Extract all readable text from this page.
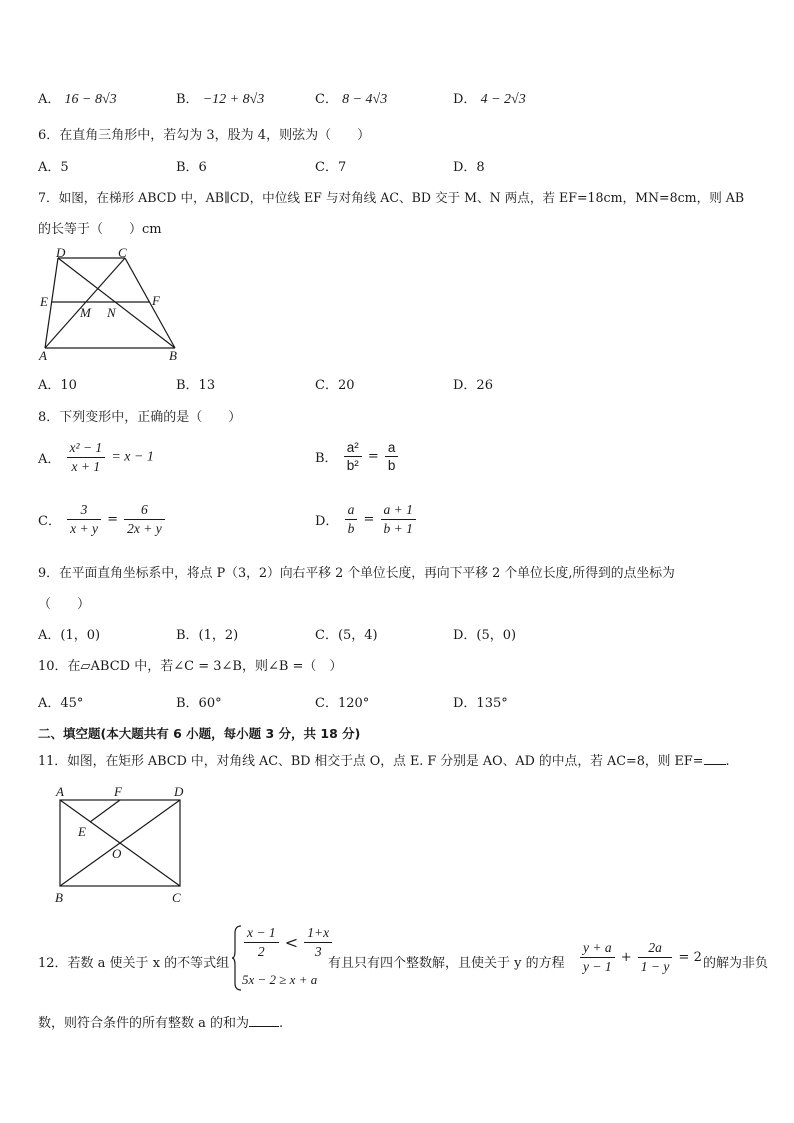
A． 16 − 8√3	B． −12 + 8√3	C． 8 − 4√3	D． 4 − 2√3
6．在直角三角形中，若勾为 3，股为 4，则弦为（　　）
A．5	B．6	C．7	D．8
7．如图，在梯形 ABCD 中，AB∥CD，中位线 EF 与对角线 AC、BD 交于 M、N 两点，若 EF=18cm，MN=8cm，则 AB
的长等于（　　）cm
D	C
E	F
M N
A	B
A．10	B．13	C．20	D．26
8．下列变形中，正确的是（　　）
A． $\frac{\text{x² − 1}}{x + 1} = x - 1$	B． $\frac{\text{a²}}{\text{b²}} = \frac{a}{b}$
C． $\frac{3}{x + y} = \frac{6}{2x + y}$	D． $\frac{a}{b} = \frac{a + 1}{b + 1}$
9．在平面直角坐标系中，将点 P（3，2）向右平移 2 个单位长度，再向下平移 2 个单位长度,所得到的点坐标为
（　　）
A．(1，0)	B．(1，2)	C．(5，4)	D．(5，0)
10．在▱ABCD 中，若∠C = 3∠B，则∠B =（　）
A．45°	B．60°	C．120°	D．135°
二、填空题(本大题共有 6 小题，每小题 3 分，共 18 分)
11．如图，在矩形 ABCD 中，对角线 AC、BD 相交于点 O，点 E. F 分别是 AO、AD 的中点，若 AC=8，则 EF= .
A	F	D
E
O
B	C
12．若数 a 使关于 x 的不等式组
$\frac{x - 1}{2} < \frac{1+x}{3}$
5x − 2 ≥ x + a
有且只有四个整数解，且使关于 y 的方程 $\frac{y + a}{y - 1} + \frac{2a}{1 - y} = 2$ 的解为非负
数，则符合条件的所有整数 a 的和为 .
